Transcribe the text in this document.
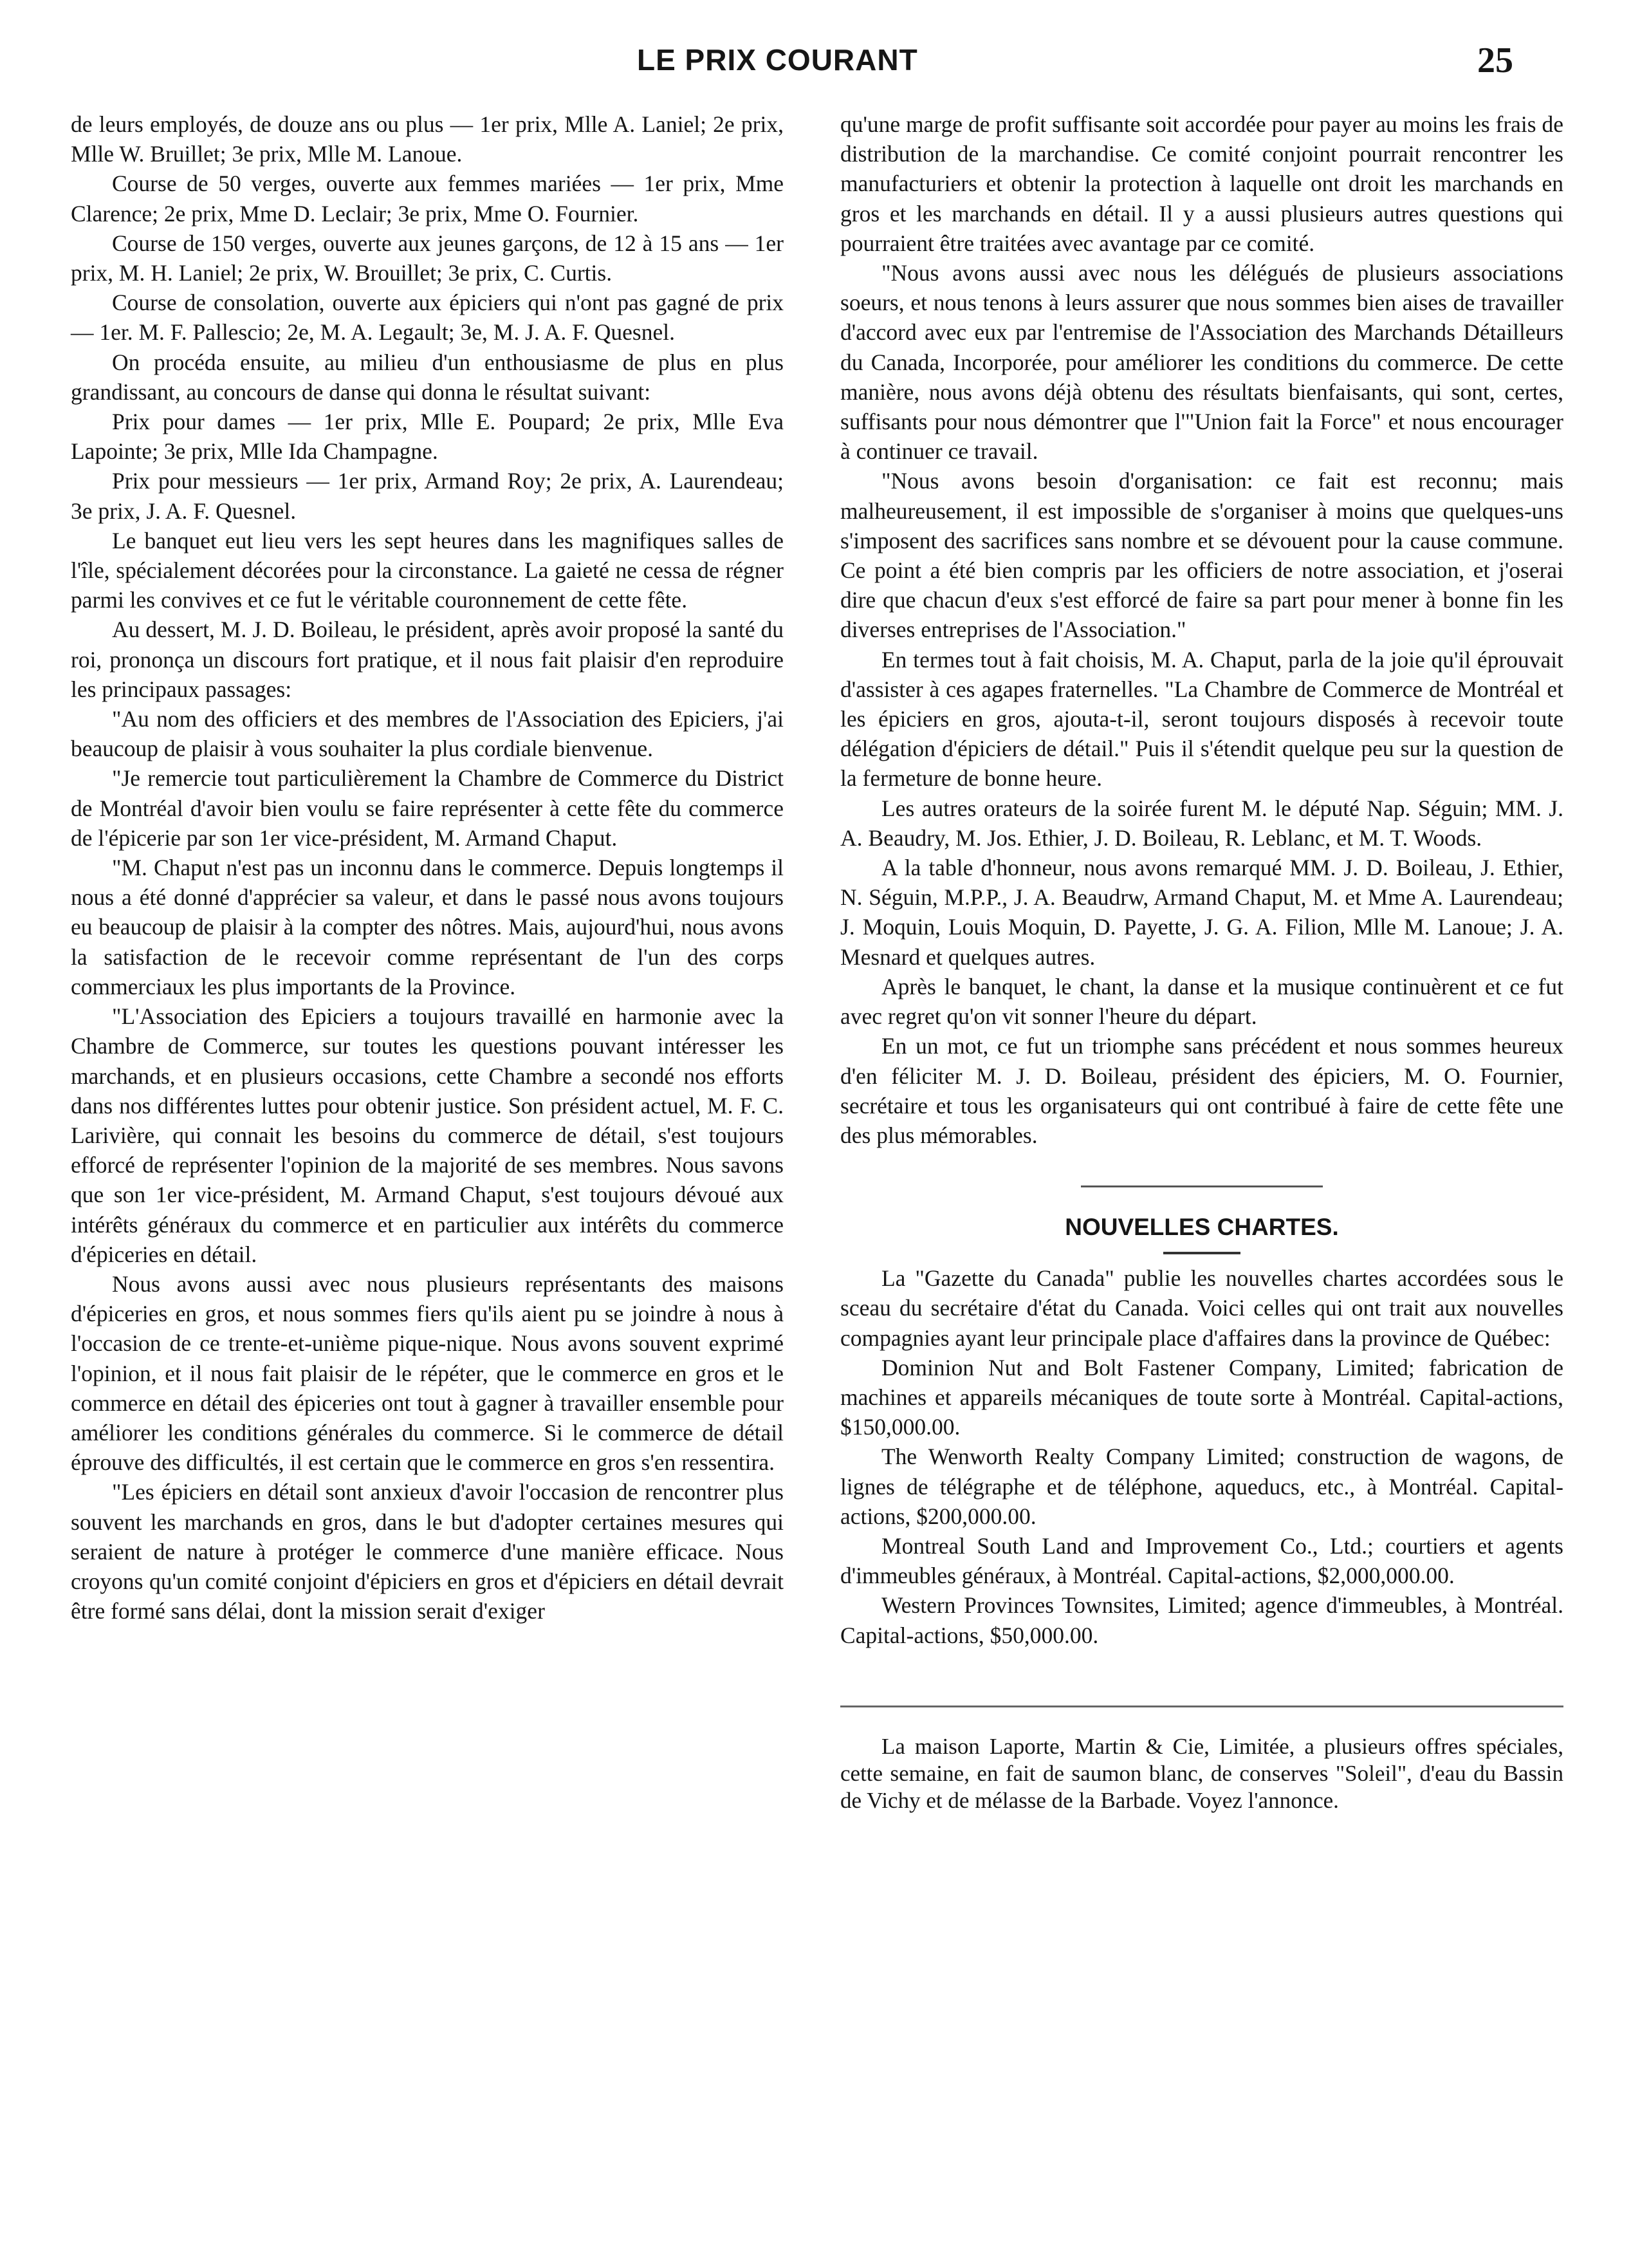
LE PRIX COURANT	25

de leurs employés, de douze ans ou plus — 1er prix, Mlle A. Laniel; 2e prix, Mlle W. Bruillet; 3e prix, Mlle M. Lanoue.

Course de 50 verges, ouverte aux femmes mariées — 1er prix, Mme Clarence; 2e prix, Mme D. Leclair; 3e prix, Mme O. Fournier.

Course de 150 verges, ouverte aux jeunes garçons, de 12 à 15 ans — 1er prix, M. H. Laniel; 2e prix, W. Brouillet; 3e prix, C. Curtis.

Course de consolation, ouverte aux épiciers qui n'ont pas gagné de prix — 1er. M. F. Pallescio; 2e, M. A. Legault; 3e, M. J. A. F. Quesnel.

On procéda ensuite, au milieu d'un enthousiasme de plus en plus grandissant, au concours de danse qui donna le résultat suivant:

Prix pour dames — 1er prix, Mlle E. Poupard; 2e prix, Mlle Eva Lapointe; 3e prix, Mlle Ida Champagne.

Prix pour messieurs — 1er prix, Armand Roy; 2e prix, A. Laurendeau; 3e prix, J. A. F. Quesnel.

Le banquet eut lieu vers les sept heures dans les magnifiques salles de l'île, spécialement décorées pour la circonstance. La gaieté ne cessa de régner parmi les convives et ce fut le véritable couronnement de cette fête.

Au dessert, M. J. D. Boileau, le président, après avoir proposé la santé du roi, prononça un discours fort pratique, et il nous fait plaisir d'en reproduire les principaux passages:

"Au nom des officiers et des membres de l'Association des Epiciers, j'ai beaucoup de plaisir à vous souhaiter la plus cordiale bienvenue.

"Je remercie tout particulièrement la Chambre de Commerce du District de Montréal d'avoir bien voulu se faire représenter à cette fête du commerce de l'épicerie par son 1er vice-président, M. Armand Chaput.

"M. Chaput n'est pas un inconnu dans le commerce. Depuis longtemps il nous a été donné d'apprécier sa valeur, et dans le passé nous avons toujours eu beaucoup de plaisir à la compter des nôtres. Mais, aujourd'hui, nous avons la satisfaction de le recevoir comme représentant de l'un des corps commerciaux les plus importants de la Province.

"L'Association des Epiciers a toujours travaillé en harmonie avec la Chambre de Commerce, sur toutes les questions pouvant intéresser les marchands, et en plusieurs occasions, cette Chambre a secondé nos efforts dans nos différentes luttes pour obtenir justice. Son président actuel, M. F. C. Larivière, qui connait les besoins du commerce de détail, s'est toujours efforcé de représenter l'opinion de la majorité de ses membres. Nous savons que son 1er vice-président, M. Armand Chaput, s'est toujours dévoué aux intérêts généraux du commerce et en particulier aux intérêts du commerce d'épiceries en détail.

Nous avons aussi avec nous plusieurs représentants des maisons d'épiceries en gros, et nous sommes fiers qu'ils aient pu se joindre à nous à l'occasion de ce trente-et-unième pique-nique. Nous avons souvent exprimé l'opinion, et il nous fait plaisir de le répéter, que le commerce en gros et le commerce en détail des épiceries ont tout à gagner à travailler ensemble pour améliorer les conditions générales du commerce. Si le commerce de détail éprouve des difficultés, il est certain que le commerce en gros s'en ressentira.

"Les épiciers en détail sont anxieux d'avoir l'occasion de rencontrer plus souvent les marchands en gros, dans le but d'adopter certaines mesures qui seraient de nature à protéger le commerce d'une manière efficace. Nous croyons qu'un comité conjoint d'épiciers en gros et d'épiciers en détail devrait être formé sans délai, dont la mission serait d'exiger

qu'une marge de profit suffisante soit accordée pour payer au moins les frais de distribution de la marchandise. Ce comité conjoint pourrait rencontrer les manufacturiers et obtenir la protection à laquelle ont droit les marchands en gros et les marchands en détail. Il y a aussi plusieurs autres questions qui pourraient être traitées avec avantage par ce comité.

"Nous avons aussi avec nous les délégués de plusieurs associations soeurs, et nous tenons à leurs assurer que nous sommes bien aises de travailler d'accord avec eux par l'entremise de l'Association des Marchands Détailleurs du Canada, Incorporée, pour améliorer les conditions du commerce. De cette manière, nous avons déjà obtenu des résultats bienfaisants, qui sont, certes, suffisants pour nous démontrer que l'"Union fait la Force" et nous encourager à continuer ce travail.

"Nous avons besoin d'organisation: ce fait est reconnu; mais malheureusement, il est impossible de s'organiser à moins que quelques-uns s'imposent des sacrifices sans nombre et se dévouent pour la cause commune. Ce point a été bien compris par les officiers de notre association, et j'oserai dire que chacun d'eux s'est efforcé de faire sa part pour mener à bonne fin les diverses entreprises de l'Association."

En termes tout à fait choisis, M. A. Chaput, parla de la joie qu'il éprouvait d'assister à ces agapes fraternelles. "La Chambre de Commerce de Montréal et les épiciers en gros, ajouta-t-il, seront toujours disposés à recevoir toute délégation d'épiciers de détail." Puis il s'étendit quelque peu sur la question de la fermeture de bonne heure.

Les autres orateurs de la soirée furent M. le député Nap. Séguin; MM. J. A. Beaudry, M. Jos. Ethier, J. D. Boileau, R. Leblanc, et M. T. Woods.

A la table d'honneur, nous avons remarqué MM. J. D. Boileau, J. Ethier, N. Séguin, M.P.P., J. A. Beaudrw, Armand Chaput, M. et Mme A. Laurendeau; J. Moquin, Louis Moquin, D. Payette, J. G. A. Filion, Mlle M. Lanoue; J. A. Mesnard et quelques autres.

Après le banquet, le chant, la danse et la musique continuèrent et ce fut avec regret qu'on vit sonner l'heure du départ.

En un mot, ce fut un triomphe sans précédent et nous sommes heureux d'en féliciter M. J. D. Boileau, président des épiciers, M. O. Fournier, secrétaire et tous les organisateurs qui ont contribué à faire de cette fête une des plus mémorables.

NOUVELLES CHARTES.

La "Gazette du Canada" publie les nouvelles chartes accordées sous le sceau du secrétaire d'état du Canada. Voici celles qui ont trait aux nouvelles compagnies ayant leur principale place d'affaires dans la province de Québec:

Dominion Nut and Bolt Fastener Company, Limited; fabrication de machines et appareils mécaniques de toute sorte à Montréal. Capital-actions, $150,000.00.

The Wenworth Realty Company Limited; construction de wagons, de lignes de télégraphe et de téléphone, aqueducs, etc., à Montréal. Capital-actions, $200,000.00.

Montreal South Land and Improvement Co., Ltd.; courtiers et agents d'immeubles généraux, à Montréal. Capital-actions, $2,000,000.00.

Western Provinces Townsites, Limited; agence d'immeubles, à Montréal. Capital-actions, $50,000.00.

La maison Laporte, Martin & Cie, Limitée, a plusieurs offres spéciales, cette semaine, en fait de saumon blanc, de conserves "Soleil", d'eau du Bassin de Vichy et de mélasse de la Barbade. Voyez l'annonce.
